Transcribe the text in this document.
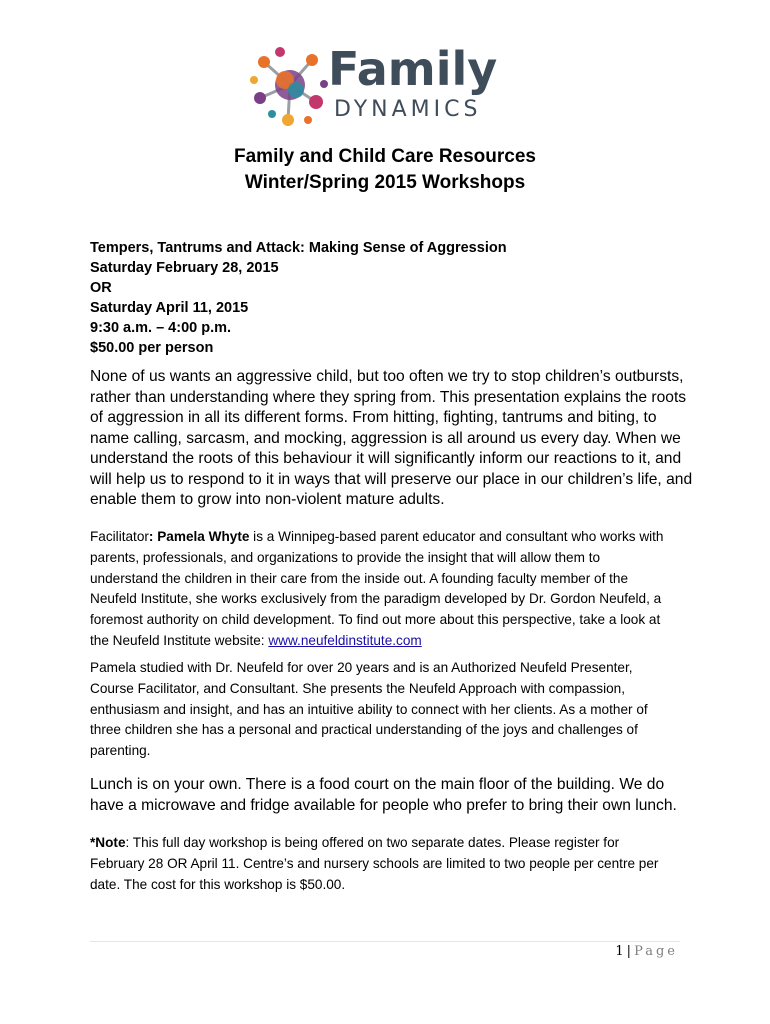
Family
DYNAMICS
Family and Child Care Resources
Winter/Spring 2015 Workshops
Tempers, Tantrums and Attack: Making Sense of Aggression
Saturday February 28, 2015
OR
Saturday April 11, 2015
9:30 a.m. – 4:00 p.m.
$50.00 per person
None of us wants an aggressive child, but too often we try to stop children’s outbursts,
rather than understanding where they spring from. This presentation explains the roots
of aggression in all its different forms. From hitting, fighting, tantrums and biting, to
name calling, sarcasm, and mocking, aggression is all around us every day. When we
understand the roots of this behaviour it will significantly inform our reactions to it, and
will help us to respond to it in ways that will preserve our place in our children’s life, and
enable them to grow into non-violent mature adults.
Facilitator: Pamela Whyte is a Winnipeg-based parent educator and consultant who works with
parents, professionals, and organizations to provide the insight that will allow them to
understand the children in their care from the inside out. A founding faculty member of the
Neufeld Institute, she works exclusively from the paradigm developed by Dr. Gordon Neufeld, a
foremost authority on child development. To find out more about this perspective, take a look at
the Neufeld Institute website: www.neufeldinstitute.com
Pamela studied with Dr. Neufeld for over 20 years and is an Authorized Neufeld Presenter,
Course Facilitator, and Consultant. She presents the Neufeld Approach with compassion,
enthusiasm and insight, and has an intuitive ability to connect with her clients. As a mother of
three children she has a personal and practical understanding of the joys and challenges of
parenting.
Lunch is on your own. There is a food court on the main floor of the building. We do
have a microwave and fridge available for people who prefer to bring their own lunch.
*Note: This full day workshop is being offered on two separate dates. Please register for
February 28 OR April 11. Centre’s and nursery schools are limited to two people per centre per
date. The cost for this workshop is $50.00.
1 | Page
